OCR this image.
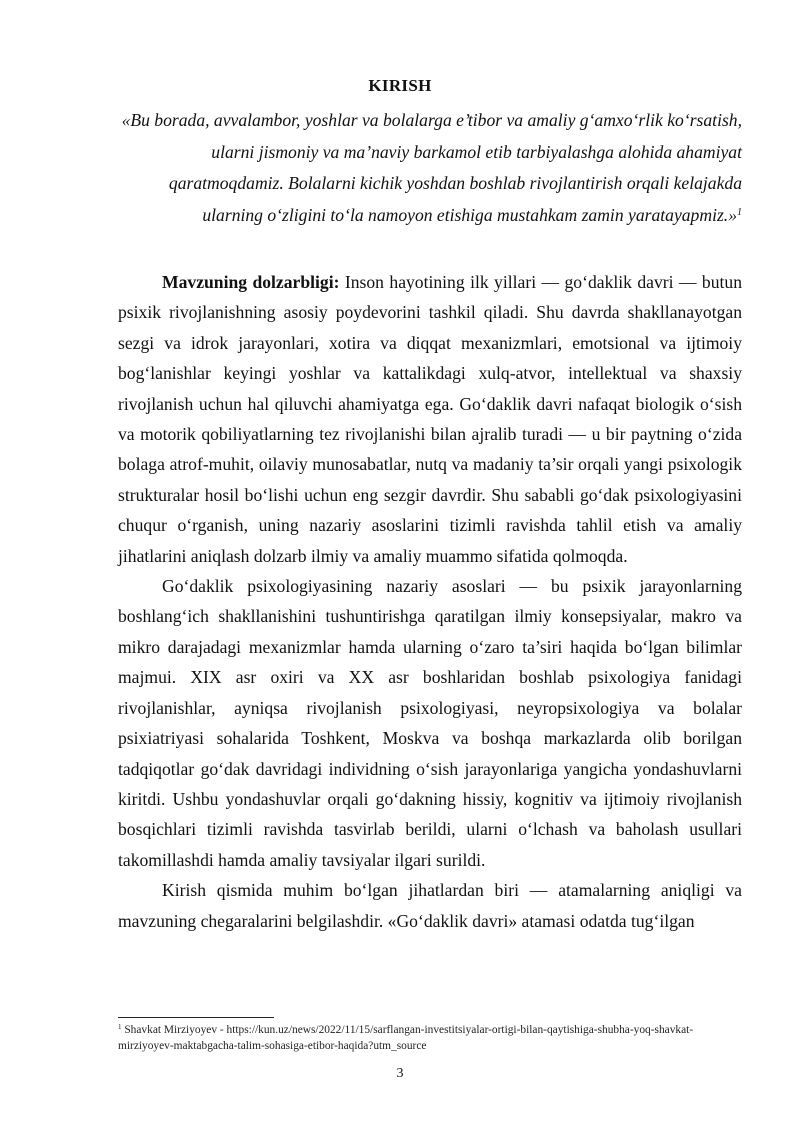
KIRISH
«Bu borada, avvalambor, yoshlar va bolalarga e’tibor va amaliy g‘amxo‘rlik ko‘rsatish, ularni jismoniy va ma’naviy barkamol etib tarbiyalashga alohida ahamiyat qaratmoqdamiz. Bolalarni kichik yoshdan boshlab rivojlantirish orqali kelajakda ularning o‘zligini to‘la namoyon etishiga mustahkam zamin yaratayapmiz.»$^1$

Mavzuning dolzarbligi: Inson hayotining ilk yillari — go‘daklik davri — butun psixik rivojlanishning asosiy poydevorini tashkil qiladi. Shu davrda shakllanayotgan sezgi va idrok jarayonlari, xotira va diqqat mexanizmlari, emotsional va ijtimoiy bog‘lanishlar keyingi yoshlar va kattalikdagi xulq-atvor, intellektual va shaxsiy rivojlanish uchun hal qiluvchi ahamiyatga ega. Go‘daklik davri nafaqat biologik o‘sish va motorik qobiliyatlarning tez rivojlanishi bilan ajralib turadi — u bir paytning o‘zida bolaga atrof-muhit, oilaviy munosabatlar, nutq va madaniy ta’sir orqali yangi psixologik strukturalar hosil bo‘lishi uchun eng sezgir davrdir. Shu sababli go‘dak psixologiyasini chuqur o‘rganish, uning nazariy asoslarini tizimli ravishda tahlil etish va amaliy jihatlarini aniqlash dolzarb ilmiy va amaliy muammo sifatida qolmoqda.

Go‘daklik psixologiyasining nazariy asoslari — bu psixik jarayonlarning boshlang‘ich shakllanishini tushuntirishga qaratilgan ilmiy konsepsiyalar, makro va mikro darajadagi mexanizmlar hamda ularning o‘zaro ta’siri haqida bo‘lgan bilimlar majmui. XIX asr oxiri va XX asr boshlaridan boshlab psixologiya fanidagi rivojlanishlar, ayniqsa rivojlanish psixologiyasi, neyropsixologiya va bolalar psixiatriyasi sohalarida Toshkent, Moskva va boshqa markazlarda olib borilgan tadqiqotlar go‘dak davridagi individning o‘sish jarayonlariga yangicha yondashuvlarni kiritdi. Ushbu yondashuvlar orqali go‘dakning hissiy, kognitiv va ijtimoiy rivojlanish bosqichlari tizimli ravishda tasvirlab berildi, ularni o‘lchash va baholash usullari takomillashdi hamda amaliy tavsiyalar ilgari surildi.

Kirish qismida muhim bo‘lgan jihatlardan biri — atamalarning aniqligi va mavzuning chegaralarini belgilashdir. «Go‘daklik davri» atamasi odatda tug‘ilgan

$^1$ Shavkat Mirziyoyev - https://kun.uz/news/2022/11/15/sarflangan-investitsiyalar-ortigi-bilan-qaytishiga-shubha-yoq-shavkat-mirziyoyev-maktabgacha-talim-sohasiga-etibor-haqida?utm_source
3
